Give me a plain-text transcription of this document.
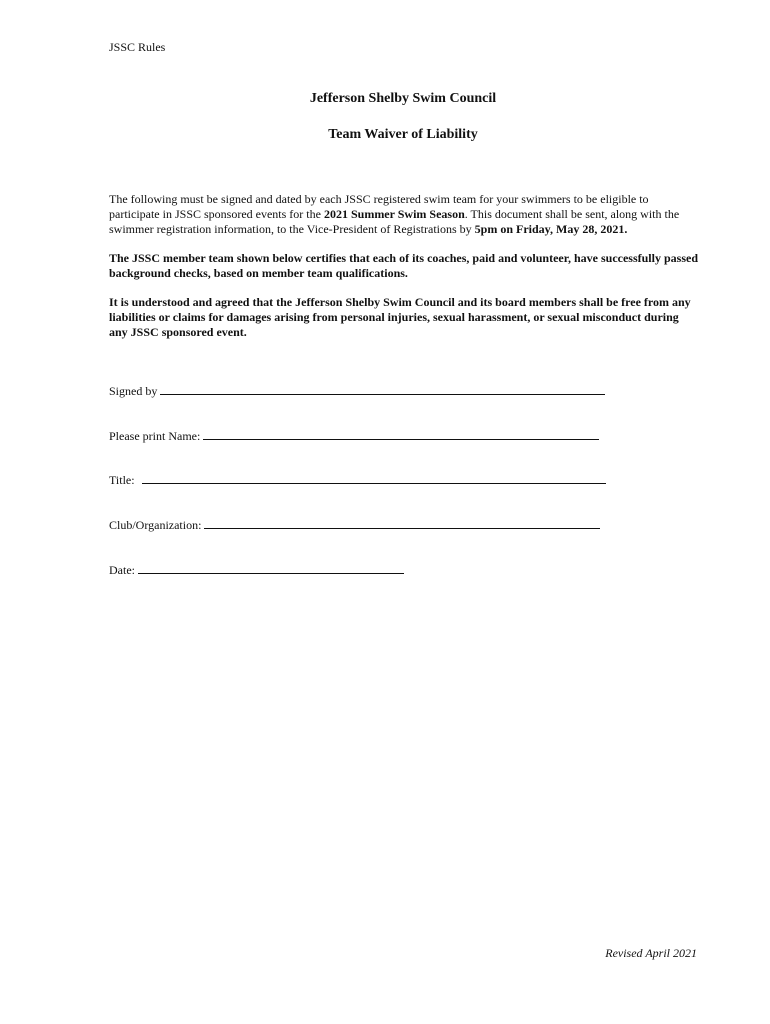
JSSC Rules
Jefferson Shelby Swim Council
Team Waiver of Liability
The following must be signed and dated by each JSSC registered swim team for your swimmers to be eligible to participate in JSSC sponsored events for the 2021 Summer Swim Season. This document shall be sent, along with the swimmer registration information, to the Vice-President of Registrations by 5pm on Friday, May 28, 2021.
The JSSC member team shown below certifies that each of its coaches, paid and volunteer, have successfully passed background checks, based on member team qualifications.
It is understood and agreed that the Jefferson Shelby Swim Council and its board members shall be free from any liabilities or claims for damages arising from personal injuries, sexual harassment, or sexual misconduct during any JSSC sponsored event.
Signed by
Please print Name:
Title:
Club/Organization:
Date:
Revised April 2021
